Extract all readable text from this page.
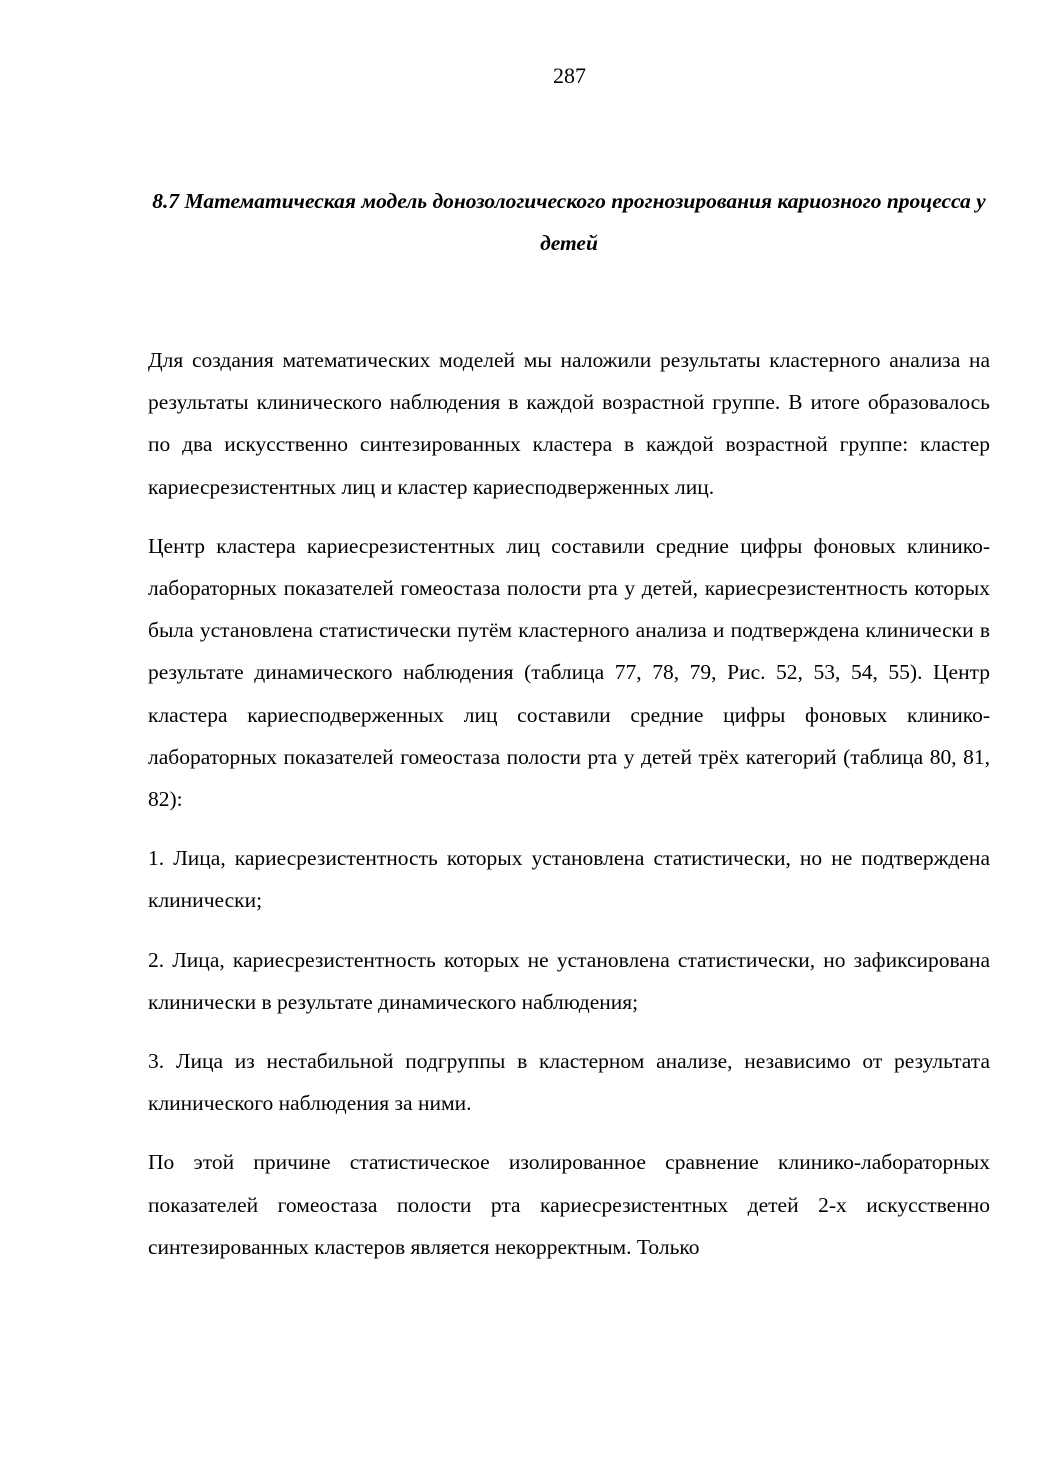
287
8.7 Математическая модель донозологического прогнозирования кариозного процесса у детей

Для создания математических моделей мы наложили результаты кластерного анализа на результаты клинического наблюдения в каждой возрастной группе. В итоге образовалось по два искусственно синтезированных кластера в каждой возрастной группе: кластер кариесрезистентных лиц и кластер кариесподверженных лиц.

Центр кластера кариесрезистентных лиц составили средние цифры фоновых клинико-лабораторных показателей гомеостаза полости рта у детей, кариесрезистентность которых была установлена статистически путём кластерного анализа и подтверждена клинически в результате динамического наблюдения (таблица 77, 78, 79, Рис. 52, 53, 54, 55). Центр кластера кариесподверженных лиц составили средние цифры фоновых клинико-лабораторных показателей гомеостаза полости рта у детей трёх категорий (таблица 80, 81, 82):

1. Лица, кариесрезистентность которых установлена статистически, но не подтверждена клинически;

2. Лица, кариесрезистентность которых не установлена статистически, но зафиксирована клинически в результате динамического наблюдения;

3. Лица из нестабильной подгруппы в кластерном анализе, независимо от результата клинического наблюдения за ними.

По этой причине статистическое изолированное сравнение клинико-лабораторных показателей гомеостаза полости рта кариесрезистентных детей 2-х искусственно синтезированных кластеров является некорректным. Только
